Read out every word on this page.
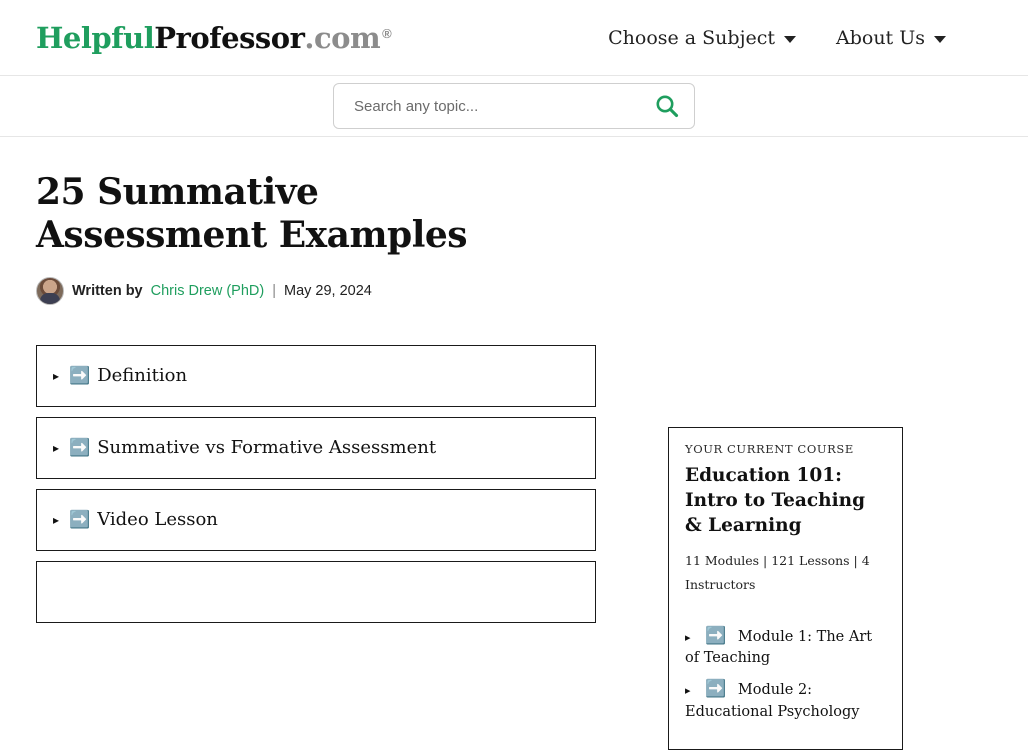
Helpful Professor .com ®	Choose a Subject	About Us
Search any topic...
25 Summative Assessment Examples
Written by Chris Drew (PhD) | May 29, 2024
▸ ➡️ Definition
▸ ➡️ Summative vs Formative Assessment
▸ ➡️ Video Lesson
YOUR CURRENT COURSE
Education 101: Intro to Teaching & Learning
11 Modules | 121 Lessons | 4 Instructors
▸ ➡️ Module 1: The Art of Teaching
▸ ➡️ Module 2: Educational Psychology
